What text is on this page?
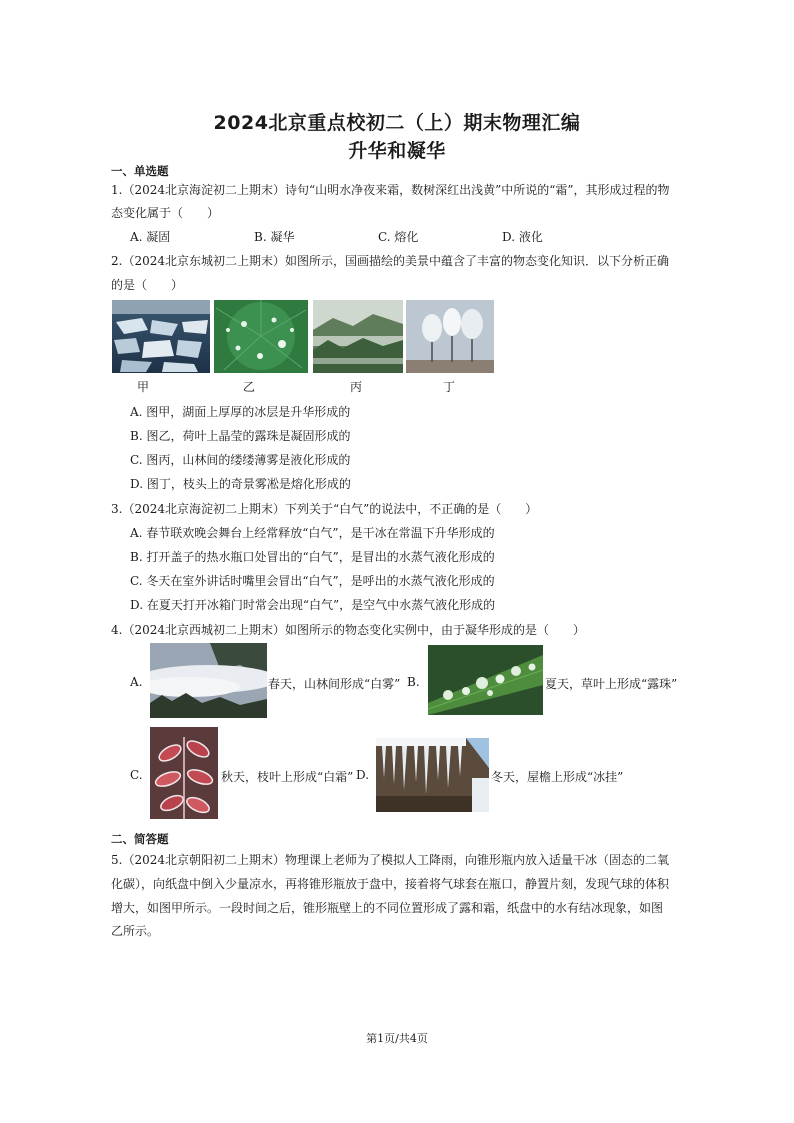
2024北京重点校初二（上）期末物理汇编
升华和凝华
一、单选题
1.（2024北京海淀初二上期末）诗句“山明水净夜来霜，数树深红出浅黄”中所说的“霜”，其形成过程的物
态变化属于（　　）
A. 凝固	B. 凝华	C. 熔化	D. 液化
2.（2024北京东城初二上期末）如图所示，国画描绘的美景中蕴含了丰富的物态变化知识．以下分析正确
的是（　　）
甲	乙	丙	丁
A. 图甲，湖面上厚厚的冰层是升华形成的
B. 图乙，荷叶上晶莹的露珠是凝固形成的
C. 图丙，山林间的缕缕薄雾是液化形成的
D. 图丁，枝头上的奇景雾凇是熔化形成的
3.（2024北京海淀初二上期末）下列关于“白气”的说法中，不正确的是（　　）
A. 春节联欢晚会舞台上经常释放“白气”，是干冰在常温下升华形成的
B. 打开盖子的热水瓶口处冒出的“白气”，是冒出的水蒸气液化形成的
C. 冬天在室外讲话时嘴里会冒出“白气”，是呼出的水蒸气液化形成的
D. 在夏天打开冰箱门时常会出现“白气”，是空气中水蒸气液化形成的
4.（2024北京西城初二上期末）如图所示的物态变化实例中，由于凝华形成的是（　　）
A.	春天，山林间形成“白雾” B.	夏天，草叶上形成“露珠”
C.	秋天，枝叶上形成“白霜” D.	冬天，屋檐上形成“冰挂”
二、简答题
5.（2024北京朝阳初二上期末）物理课上老师为了模拟人工降雨，向锥形瓶内放入适量干冰（固态的二氧
化碳），向纸盘中倒入少量凉水，再将锥形瓶放于盘中，接着将气球套在瓶口，静置片刻，发现气球的体积
增大，如图甲所示。一段时间之后，锥形瓶壁上的不同位置形成了露和霜，纸盘中的水有结冰现象，如图
乙所示。
第1页/共4页
